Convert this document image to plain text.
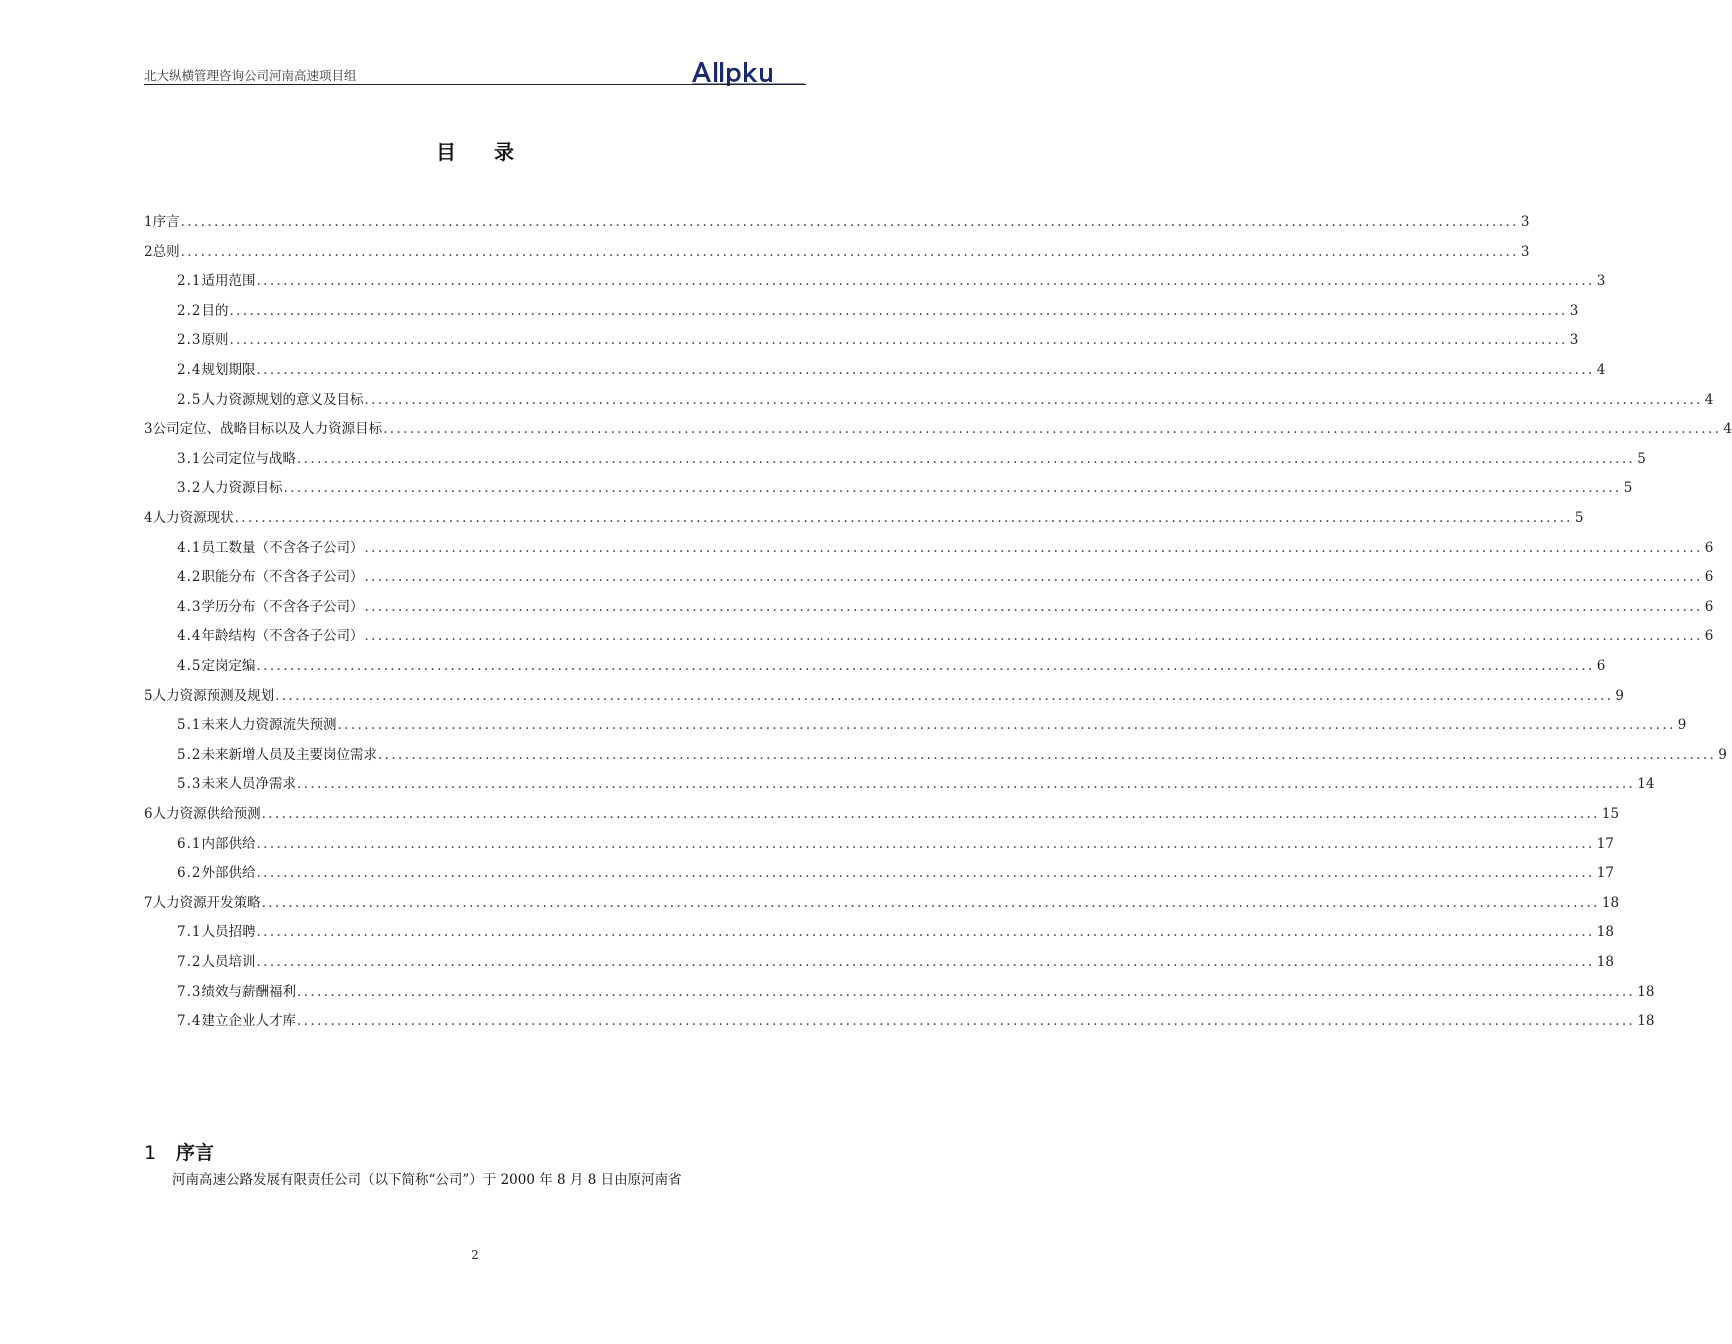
北大纵横管理咨询公司河南高速项目组
目录
1 序言 ........................................................................................................................................................................................................ 3
2 总则 ........................................................................................................................................................................................................ 3
2.1 适用范围 ........................................................................................................................................................................................................ 3
2.2 目的 ........................................................................................................................................................................................................ 3
2.3 原则 ........................................................................................................................................................................................................ 3
2.4 规划期限 ........................................................................................................................................................................................................ 4
2.5 人力资源规划的意义及目标 ........................................................................................................................................................................................................ 4
3 公司定位、战略目标以及人力资源目标 ........................................................................................................................................................................................................ 4
3.1 公司定位与战略 ........................................................................................................................................................................................................ 5
3.2 人力资源目标 ........................................................................................................................................................................................................ 5
4 人力资源现状 ........................................................................................................................................................................................................ 5
4.1 员工数量（不含各子公司） ........................................................................................................................................................................................................ 6
4.2 职能分布（不含各子公司） ........................................................................................................................................................................................................ 6
4.3 学历分布（不含各子公司） ........................................................................................................................................................................................................ 6
4.4 年龄结构（不含各子公司） ........................................................................................................................................................................................................ 6
4.5 定岗定编 ........................................................................................................................................................................................................ 6
5 人力资源预测及规划 ........................................................................................................................................................................................................ 9
5.1 未来人力资源流失预测 ........................................................................................................................................................................................................ 9
5.2 未来新增人员及主要岗位需求 ........................................................................................................................................................................................................ 9
5.3 未来人员净需求 ........................................................................................................................................................................................................ 14
6 人力资源供给预测 ........................................................................................................................................................................................................ 15
6.1 内部供给 ........................................................................................................................................................................................................ 17
6.2 外部供给 ........................................................................................................................................................................................................ 17
7 人力资源开发策略 ........................................................................................................................................................................................................ 18
7.1 人员招聘 ........................................................................................................................................................................................................ 18
7.2 人员培训 ........................................................................................................................................................................................................ 18
7.3 绩效与薪酬福利 ........................................................................................................................................................................................................ 18
7.4 建立企业人才库 ........................................................................................................................................................................................................ 18
1 序言
河南高速公路发展有限责任公司（以下简称“公司”）于 2000 年 8 月 8 日由原河南省
2
